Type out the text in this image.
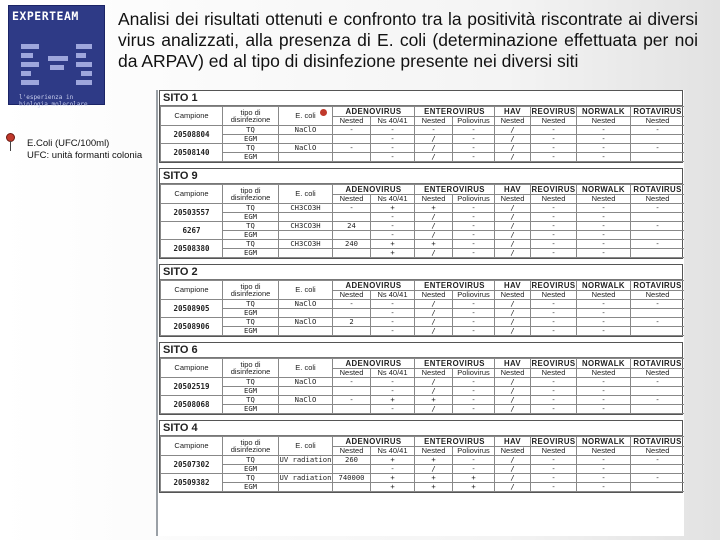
EXPERTEAM
l'esperienza in
biologia molecolare
Analisi dei risultati ottenuti e confronto tra la positività riscontrate ai diversi virus analizzati, alla presenza di E. coli (determinazione effettuata per noi da ARPAV) ed al tipo di disinfezione presente nei diversi siti
E.Coli (UFC/100ml)
UFC: unità formanti colonia
SITO 1
Campione	tipo di
disinfezione	E. coli	ADENOVIRUS		ENTEROVIRUS		HAV	REOVIRUS	NORWALK	ROTAVIRUS	
			Nested	Ns 40/41	Nested	Poliovirus	Nested	Nested	Nested	Nested	
20508804	TQ	NaClO	-	-	-	-	/	-	-	-	
	EGM			-	/	-	/	-	-		
20508140	TQ	NaClO	-	-	/	-	/	-	-	-	
	EGM			-	/	-	/	-	-		
SITO 9
Campione	tipo di
disinfezione	E. coli	ADENOVIRUS		ENTEROVIRUS		HAV	REOVIRUS	NORWALK	ROTAVIRUS	
			Nested	Ns 40/41	Nested	Poliovirus	Nested	Nested	Nested	Nested	
20503557	TQ	CH3CO3H	-	+	+	-	/	-	-	-	
	EGM			-	/	-	/	-	-		
6267	TQ	CH3CO3H	24	-	/	-	/	-	-	-	
	EGM			-	/	-	/	-	-		
20508380	TQ	CH3CO3H	240	+	+	-	/	-	-	-	
	EGM			+	/	-	/	-	-		
SITO 2
Campione	tipo di
disinfezione	E. coli	ADENOVIRUS		ENTEROVIRUS		HAV	REOVIRUS	NORWALK	ROTAVIRUS	
			Nested	Ns 40/41	Nested	Poliovirus	Nested	Nested	Nested	Nested	
20508905	TQ	NaClO	-	-	/	-	/	-	-	-	
	EGM			-	/	-	/	-	-		
20508906	TQ	NaClO	2	-	/	-	/	-	-	-	
	EGM			-	/	-	/	-	-		
SITO 6
Campione	tipo di
disinfezione	E. coli	ADENOVIRUS		ENTEROVIRUS		HAV	REOVIRUS	NORWALK	ROTAVIRUS	
			Nested	Ns 40/41	Nested	Poliovirus	Nested	Nested	Nested	Nested	
20502519	TQ	NaClO	-	-	/	-	/	-	-	-	
	EGM			-	/	-	/	-	-		
20508068	TQ	NaClO	-	+	+	-	/	-	-	-	
	EGM			-	/	-	/	-	-		
SITO 4
Campione	tipo di
disinfezione	E. coli	ADENOVIRUS		ENTEROVIRUS		HAV	REOVIRUS	NORWALK	ROTAVIRUS	
			Nested	Ns 40/41	Nested	Poliovirus	Nested	Nested	Nested	Nested	
20507302	TQ	UV radiation	260	+	+	-	/	-	-	-	
	EGM			-	/	-	/	-	-		
20509382	TQ	UV radiation	740000	+	+	+	/	-	-	-	
	EGM			+	+	+	/	-	-		
